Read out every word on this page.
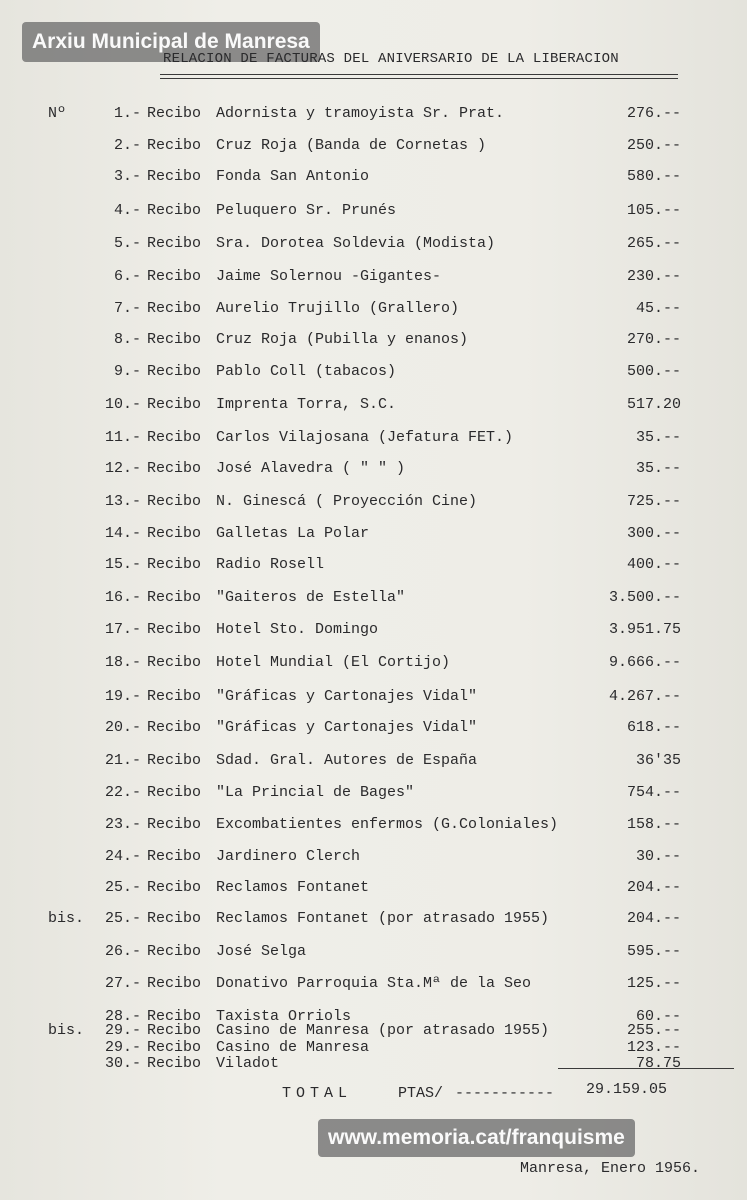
Arxiu Municipal de Manresa
RELACION DE FACTURAS DEL ANIVERSARIO DE LA LIBERACION
Nº	1.- Recibo Adornista y tramoyista Sr. Prat.	276.--
2.- Recibo Cruz Roja (Banda de Cornetas )	250.--
3.- Recibo Fonda San Antonio	580.--
4.- Recibo Peluquero Sr. Prunés	105.--
5.- Recibo Sra. Dorotea Soldevia (Modista)	265.--
6.- Recibo Jaime Solernou -Gigantes-	230.--
7.- Recibo Aurelio Trujillo (Grallero)	45.--
8.- Recibo Cruz Roja (Pubilla y enanos)	270.--
9.- Recibo Pablo Coll (tabacos)	500.--
10.- Recibo Imprenta Torra, S.C.	517.20
11.- Recibo Carlos Vilajosana (Jefatura FET.)	35.--
12.- Recibo José Alavedra ( " " )	35.--
13.- Recibo N. Ginescá ( Proyección Cine)	725.--
14.- Recibo Galletas La Polar	300.--
15.- Recibo Radio Rosell	400.--
16.- Recibo "Gaiteros de Estella"	3.500.--
17.- Recibo Hotel Sto. Domingo	3.951.75
18.- Recibo Hotel Mundial (El Cortijo)	9.666.--
19.- Recibo "Gráficas y Cartonajes Vidal"	4.267.--
20.- Recibo "Gráficas y Cartonajes Vidal"	618.--
21.- Recibo Sdad. Gral. Autores de España	36'35
22.- Recibo "La Princial de Bages"	754.--
23.- Recibo Excombatientes enfermos (G.Coloniales)	158.--
24.- Recibo Jardinero Clerch	30.--
25.- Recibo Reclamos Fontanet	204.--
bis. 25.- Recibo Reclamos Fontanet (por atrasado 1955)	204.--
26.- Recibo José Selga	595.--
27.- Recibo Donativo Parroquia Sta.Mª de la Seo	125.--
28.- Recibo Taxista Orriols	60.--
bis. 29.- Recibo Casino de Manresa (por atrasado 1955)	255.--
29.- Recibo Casino de Manresa	123.--
30.- Recibo Viladot	78.75
TOTAL	PTAS/ ----------- 29.159.05
www.memoria.cat/franquisme
Manresa, Enero 1956.
